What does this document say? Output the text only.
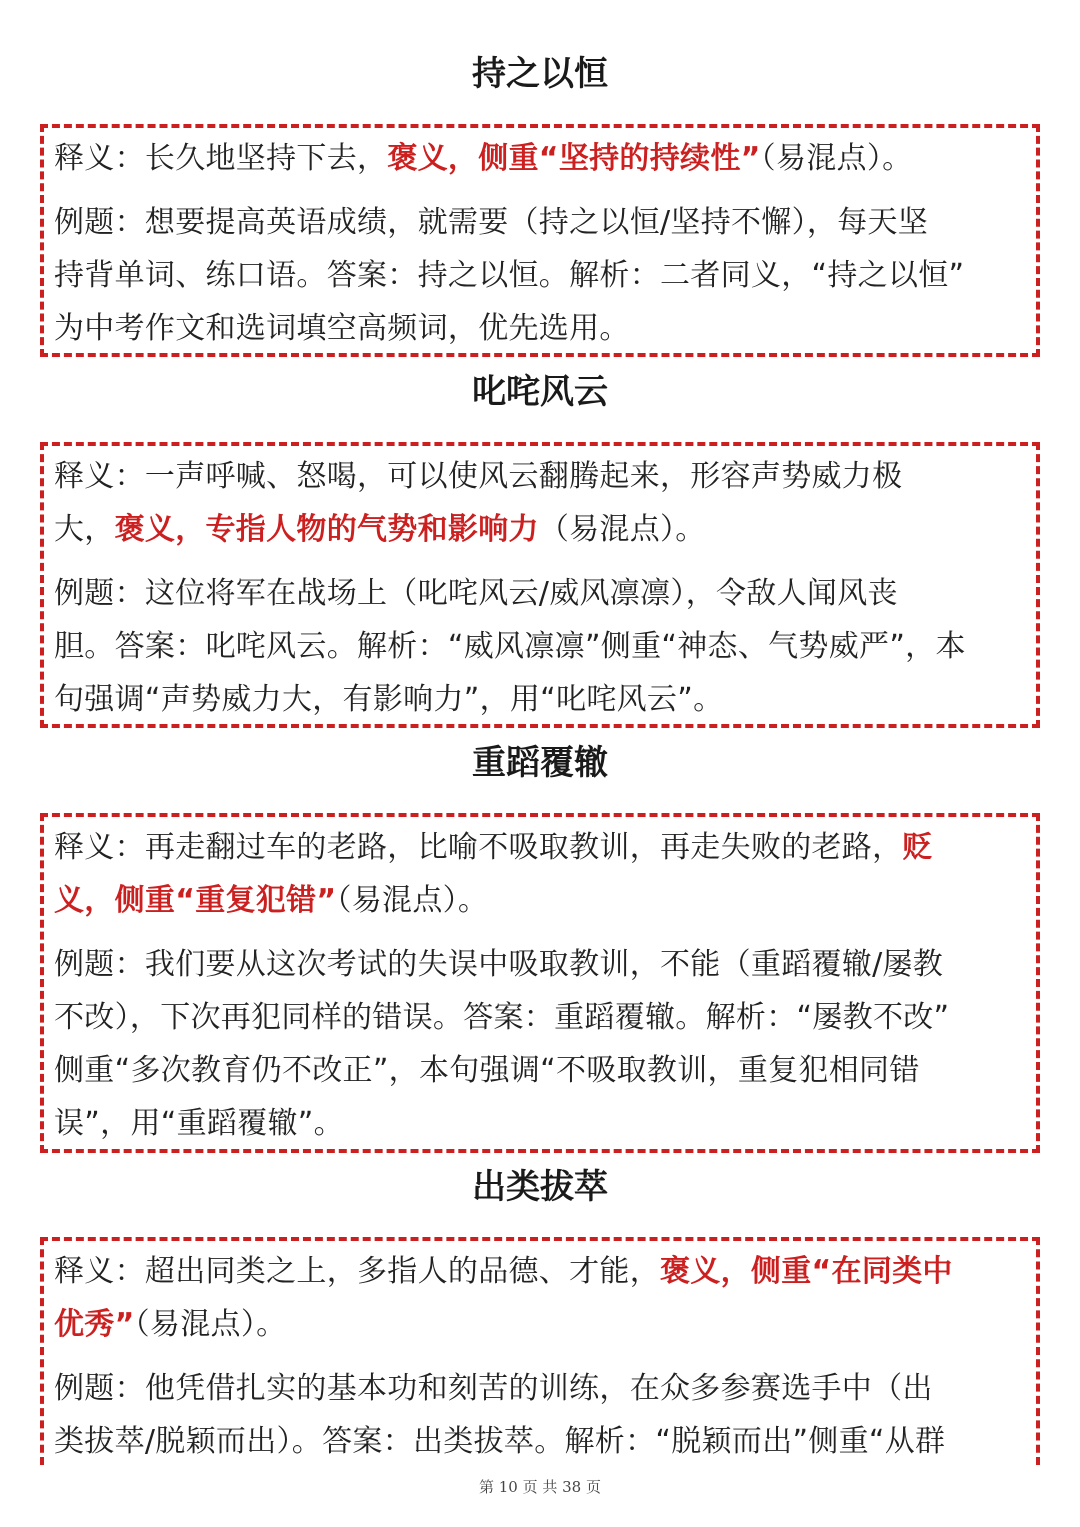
持之以恒

释义：长久地坚持下去，褒义，侧重“坚持的持续性”（易混点）。

例题：想要提高英语成绩，就需要（持之以恒/坚持不懈），每天坚
持背单词、练口语。答案：持之以恒。解析：二者同义，“持之以恒”
为中考作文和选词填空高频词，优先选用。

叱咤风云

释义：一声呼喊、怒喝，可以使风云翻腾起来，形容声势威力极
大，褒义，专指人物的气势和影响力（易混点）。

例题：这位将军在战场上（叱咤风云/威风凛凛），令敌人闻风丧
胆。答案：叱咤风云。解析：“威风凛凛”侧重“神态、气势威严”，本
句强调“声势威力大，有影响力”，用“叱咤风云”。

重蹈覆辙

释义：再走翻过车的老路，比喻不吸取教训，再走失败的老路，贬
义，侧重“重复犯错”（易混点）。

例题：我们要从这次考试的失误中吸取教训，不能（重蹈覆辙/屡教
不改），下次再犯同样的错误。答案：重蹈覆辙。解析：“屡教不改”
侧重“多次教育仍不改正”，本句强调“不吸取教训，重复犯相同错
误”，用“重蹈覆辙”。

出类拔萃

释义：超出同类之上，多指人的品德、才能，褒义，侧重“在同类中
优秀”（易混点）。

例题：他凭借扎实的基本功和刻苦的训练，在众多参赛选手中（出
类拔萃/脱颖而出）。答案：出类拔萃。解析：“脱颖而出”侧重“从群

第 10 页 共 38 页
